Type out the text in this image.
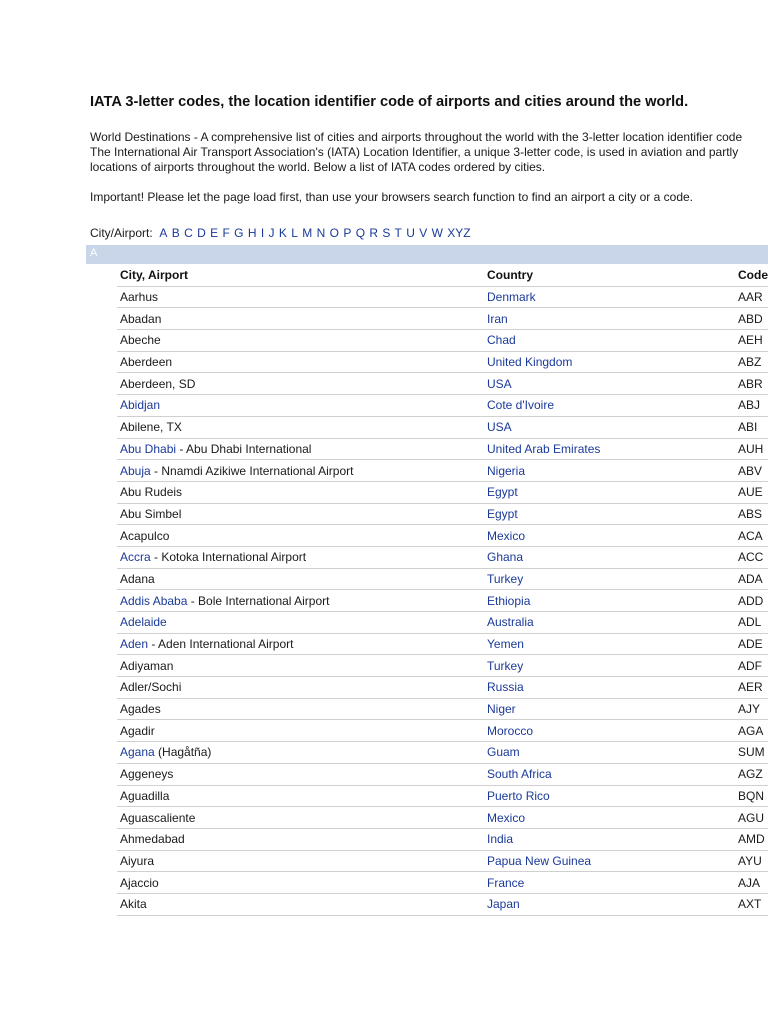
IATA 3-letter codes, the location identifier code of airports and cities around the world.
World Destinations - A comprehensive list of cities and airports throughout the world with the 3-letter location identifier code
The International Air Transport Association's (IATA) Location Identifier, a unique 3-letter code, is used in aviation and partly
locations of airports throughout the world. Below a list of IATA codes ordered by cities.
Important! Please let the page load first, than use your browsers search function to find an airport a city or a code.
City/Airport: A B C D E F G H I J K L M N O P Q R S T U V W XYZ
A
City, Airport	Country	Code
Aarhus	Denmark	AAR
Abadan	Iran	ABD
Abeche	Chad	AEH
Aberdeen	United Kingdom	ABZ
Aberdeen, SD	USA	ABR
Abidjan	Cote d'Ivoire	ABJ
Abilene, TX	USA	ABI
Abu Dhabi - Abu Dhabi International	United Arab Emirates	AUH
Abuja - Nnamdi Azikiwe International Airport	Nigeria	ABV
Abu Rudeis	Egypt	AUE
Abu Simbel	Egypt	ABS
Acapulco	Mexico	ACA
Accra - Kotoka International Airport	Ghana	ACC
Adana	Turkey	ADA
Addis Ababa - Bole International Airport	Ethiopia	ADD
Adelaide	Australia	ADL
Aden - Aden International Airport	Yemen	ADE
Adiyaman	Turkey	ADF
Adler/Sochi	Russia	AER
Agades	Niger	AJY
Agadir	Morocco	AGA
Agana (Hagåtña)	Guam	SUM
Aggeneys	South Africa	AGZ
Aguadilla	Puerto Rico	BQN
Aguascaliente	Mexico	AGU
Ahmedabad	India	AMD
Aiyura	Papua New Guinea	AYU
Ajaccio	France	AJA
Akita	Japan	AXT
